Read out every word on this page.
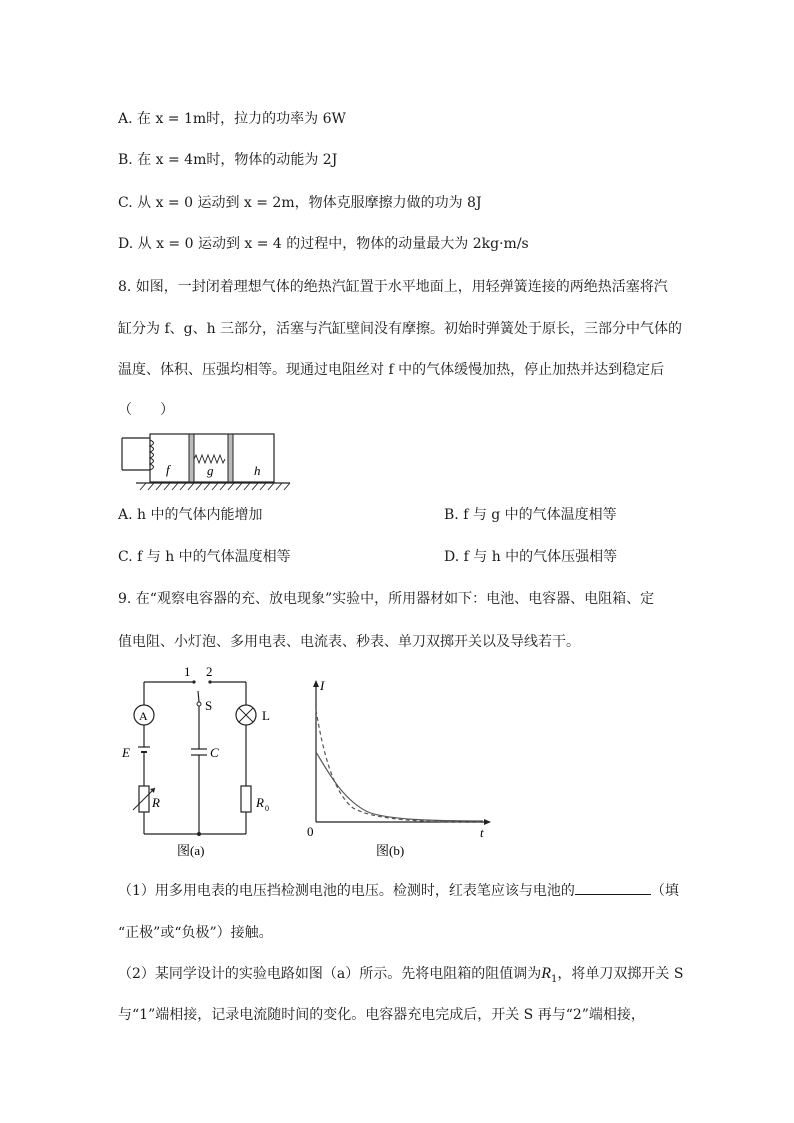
A. 在 x = 1m时，拉力的功率为 6W
B. 在 x = 4m时，物体的动能为 2J
C. 从 x = 0 运动到 x = 2m，物体克服摩擦力做的功为 8J
D. 从 x = 0 运动到 x = 4 的过程中，物体的动量最大为 2kg·m/s
8. 如图，一封闭着理想气体的绝热汽缸置于水平地面上，用轻弹簧连接的两绝热活塞将汽
缸分为 f、g、h 三部分，活塞与汽缸壁间没有摩擦。初始时弹簧处于原长，三部分中气体的
温度、体积、压强均相等。现通过电阻丝对 f 中的气体缓慢加热，停止加热并达到稳定后
（　　）
f	g	h
A. h 中的气体内能增加	B. f 与 g 中的气体温度相等
C. f 与 h 中的气体温度相等	D. f 与 h 中的气体压强相等
9. 在“观察电容器的充、放电现象”实验中，所用器材如下：电池、电容器、电阻箱、定
值电阻、小灯泡、多用电表、电流表、秒表、单刀双掷开关以及导线若干。
A
E
R
1 2
S
C
L
R 0
图(a)
I
t
0
图(b)
（1）用多用电表的电压挡检测电池的电压。检测时，红表笔应该与电池的	（填
“正极”或“负极”）接触。
（2）某同学设计的实验电路如图（a）所示。先将电阻箱的阻值调为$R_1$，将单刀双掷开关 S
与“1”端相接，记录电流随时间的变化。电容器充电完成后，开关 S 再与“2”端相接，
